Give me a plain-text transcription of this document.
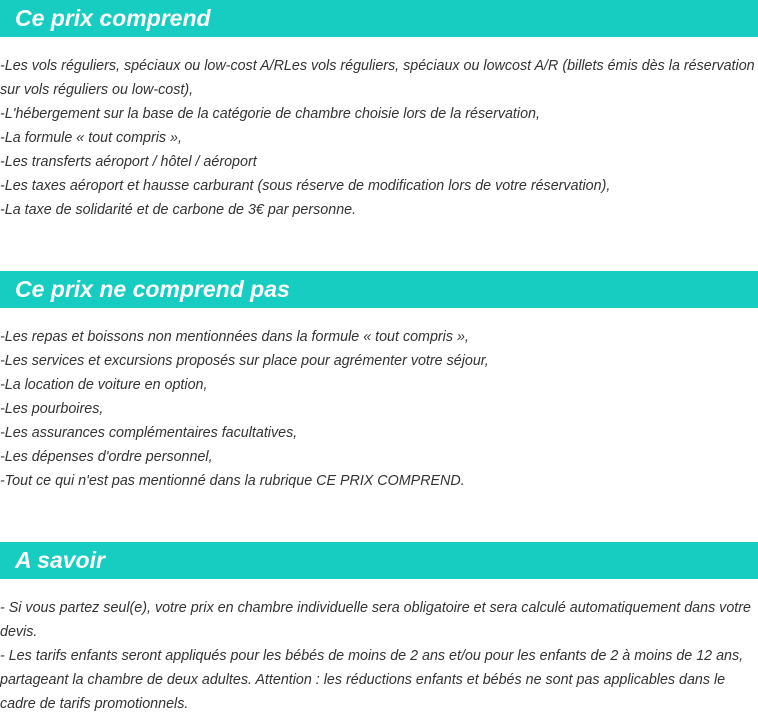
Ce prix comprend
-Les vols réguliers, spéciaux ou low-cost A/RLes vols réguliers, spéciaux ou lowcost A/R (billets émis dès la réservation sur vols réguliers ou low-cost),
-L'hébergement sur la base de la catégorie de chambre choisie lors de la réservation,
-La formule « tout compris »,
-Les transferts aéroport / hôtel / aéroport
-Les taxes aéroport et hausse carburant (sous réserve de modification lors de votre réservation),
-La taxe de solidarité et de carbone de 3€ par personne.
Ce prix ne comprend pas
-Les repas et boissons non mentionnées dans la formule « tout compris »,
-Les services et excursions proposés sur place pour agrémenter votre séjour,
-La location de voiture en option,
-Les pourboires,
-Les assurances complémentaires facultatives,
-Les dépenses d'ordre personnel,
-Tout ce qui n'est pas mentionné dans la rubrique CE PRIX COMPREND.
A savoir
- Si vous partez seul(e), votre prix en chambre individuelle sera obligatoire et sera calculé automatiquement dans votre devis.
- Les tarifs enfants seront appliqués pour les bébés de moins de 2 ans et/ou pour les enfants de 2 à moins de 12 ans, partageant la chambre de deux adultes. Attention : les réductions enfants et bébés ne sont pas applicables dans le cadre de tarifs promotionnels.
